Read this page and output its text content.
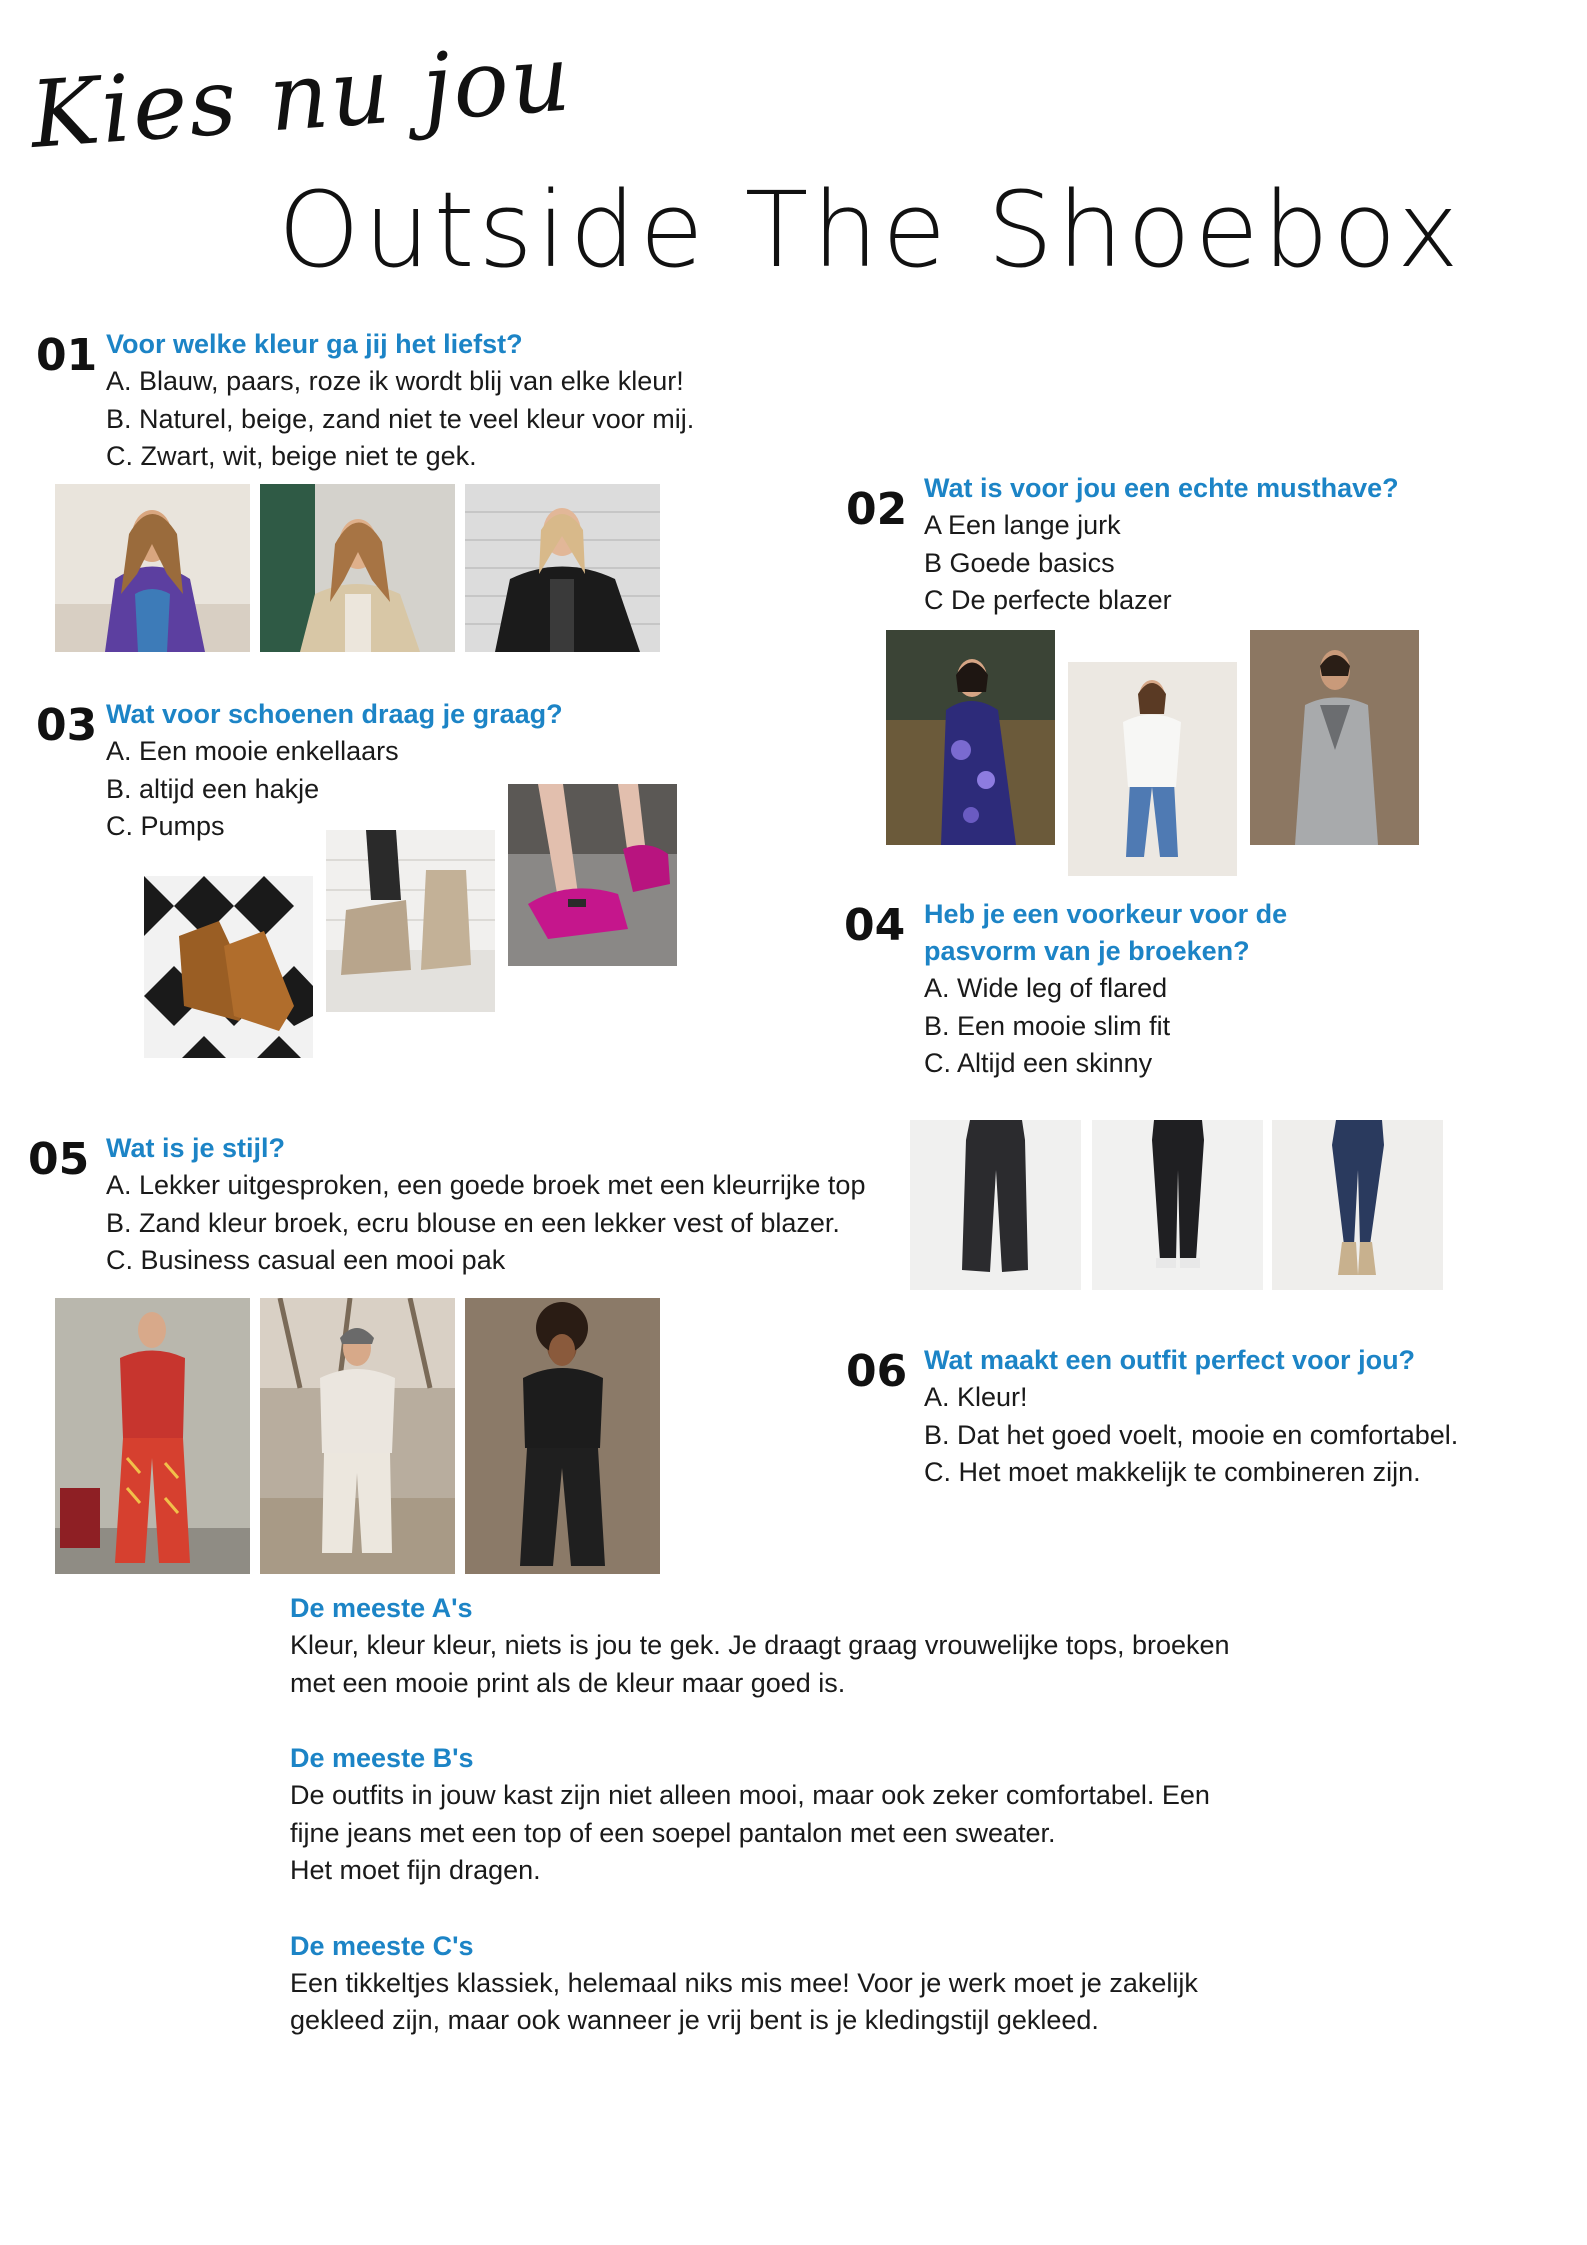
Kies nu jou
Outside The Shoebox
01 Voor welke kleur ga jij het liefst?
A. Blauw, paars, roze ik wordt blij van elke kleur!
B. Naturel, beige, zand niet te veel kleur voor mij.
C. Zwart, wit, beige niet te gek.
02 Wat is voor jou een echte musthave?
A Een lange jurk
B Goede basics
C De perfecte blazer
03 Wat voor schoenen draag je graag?
A. Een mooie enkellaars
B. altijd een hakje
C. Pumps
04 Heb je een voorkeur voor de
pasvorm van je broeken?
A. Wide leg of flared
B. Een mooie slim fit
C. Altijd een skinny
05 Wat is je stijl?
A. Lekker uitgesproken, een goede broek met een kleurrijke top
B. Zand kleur broek, ecru blouse en een lekker vest of blazer.
C. Business casual een mooi pak
06 Wat maakt een outfit perfect voor jou?
A. Kleur!
B. Dat het goed voelt, mooie en comfortabel.
C. Het moet makkelijk te combineren zijn.
De meeste A's
Kleur, kleur kleur, niets is jou te gek. Je draagt graag vrouwelijke tops, broeken
met een mooie print als de kleur maar goed is.
De meeste B's
De outfits in jouw kast zijn niet alleen mooi, maar ook zeker comfortabel. Een
fijne jeans met een top of een soepel pantalon met een sweater.
Het moet fijn dragen.
De meeste C's
Een tikkeltjes klassiek, helemaal niks mis mee! Voor je werk moet je zakelijk
gekleed zijn, maar ook wanneer je vrij bent is je kledingstijl gekleed.
